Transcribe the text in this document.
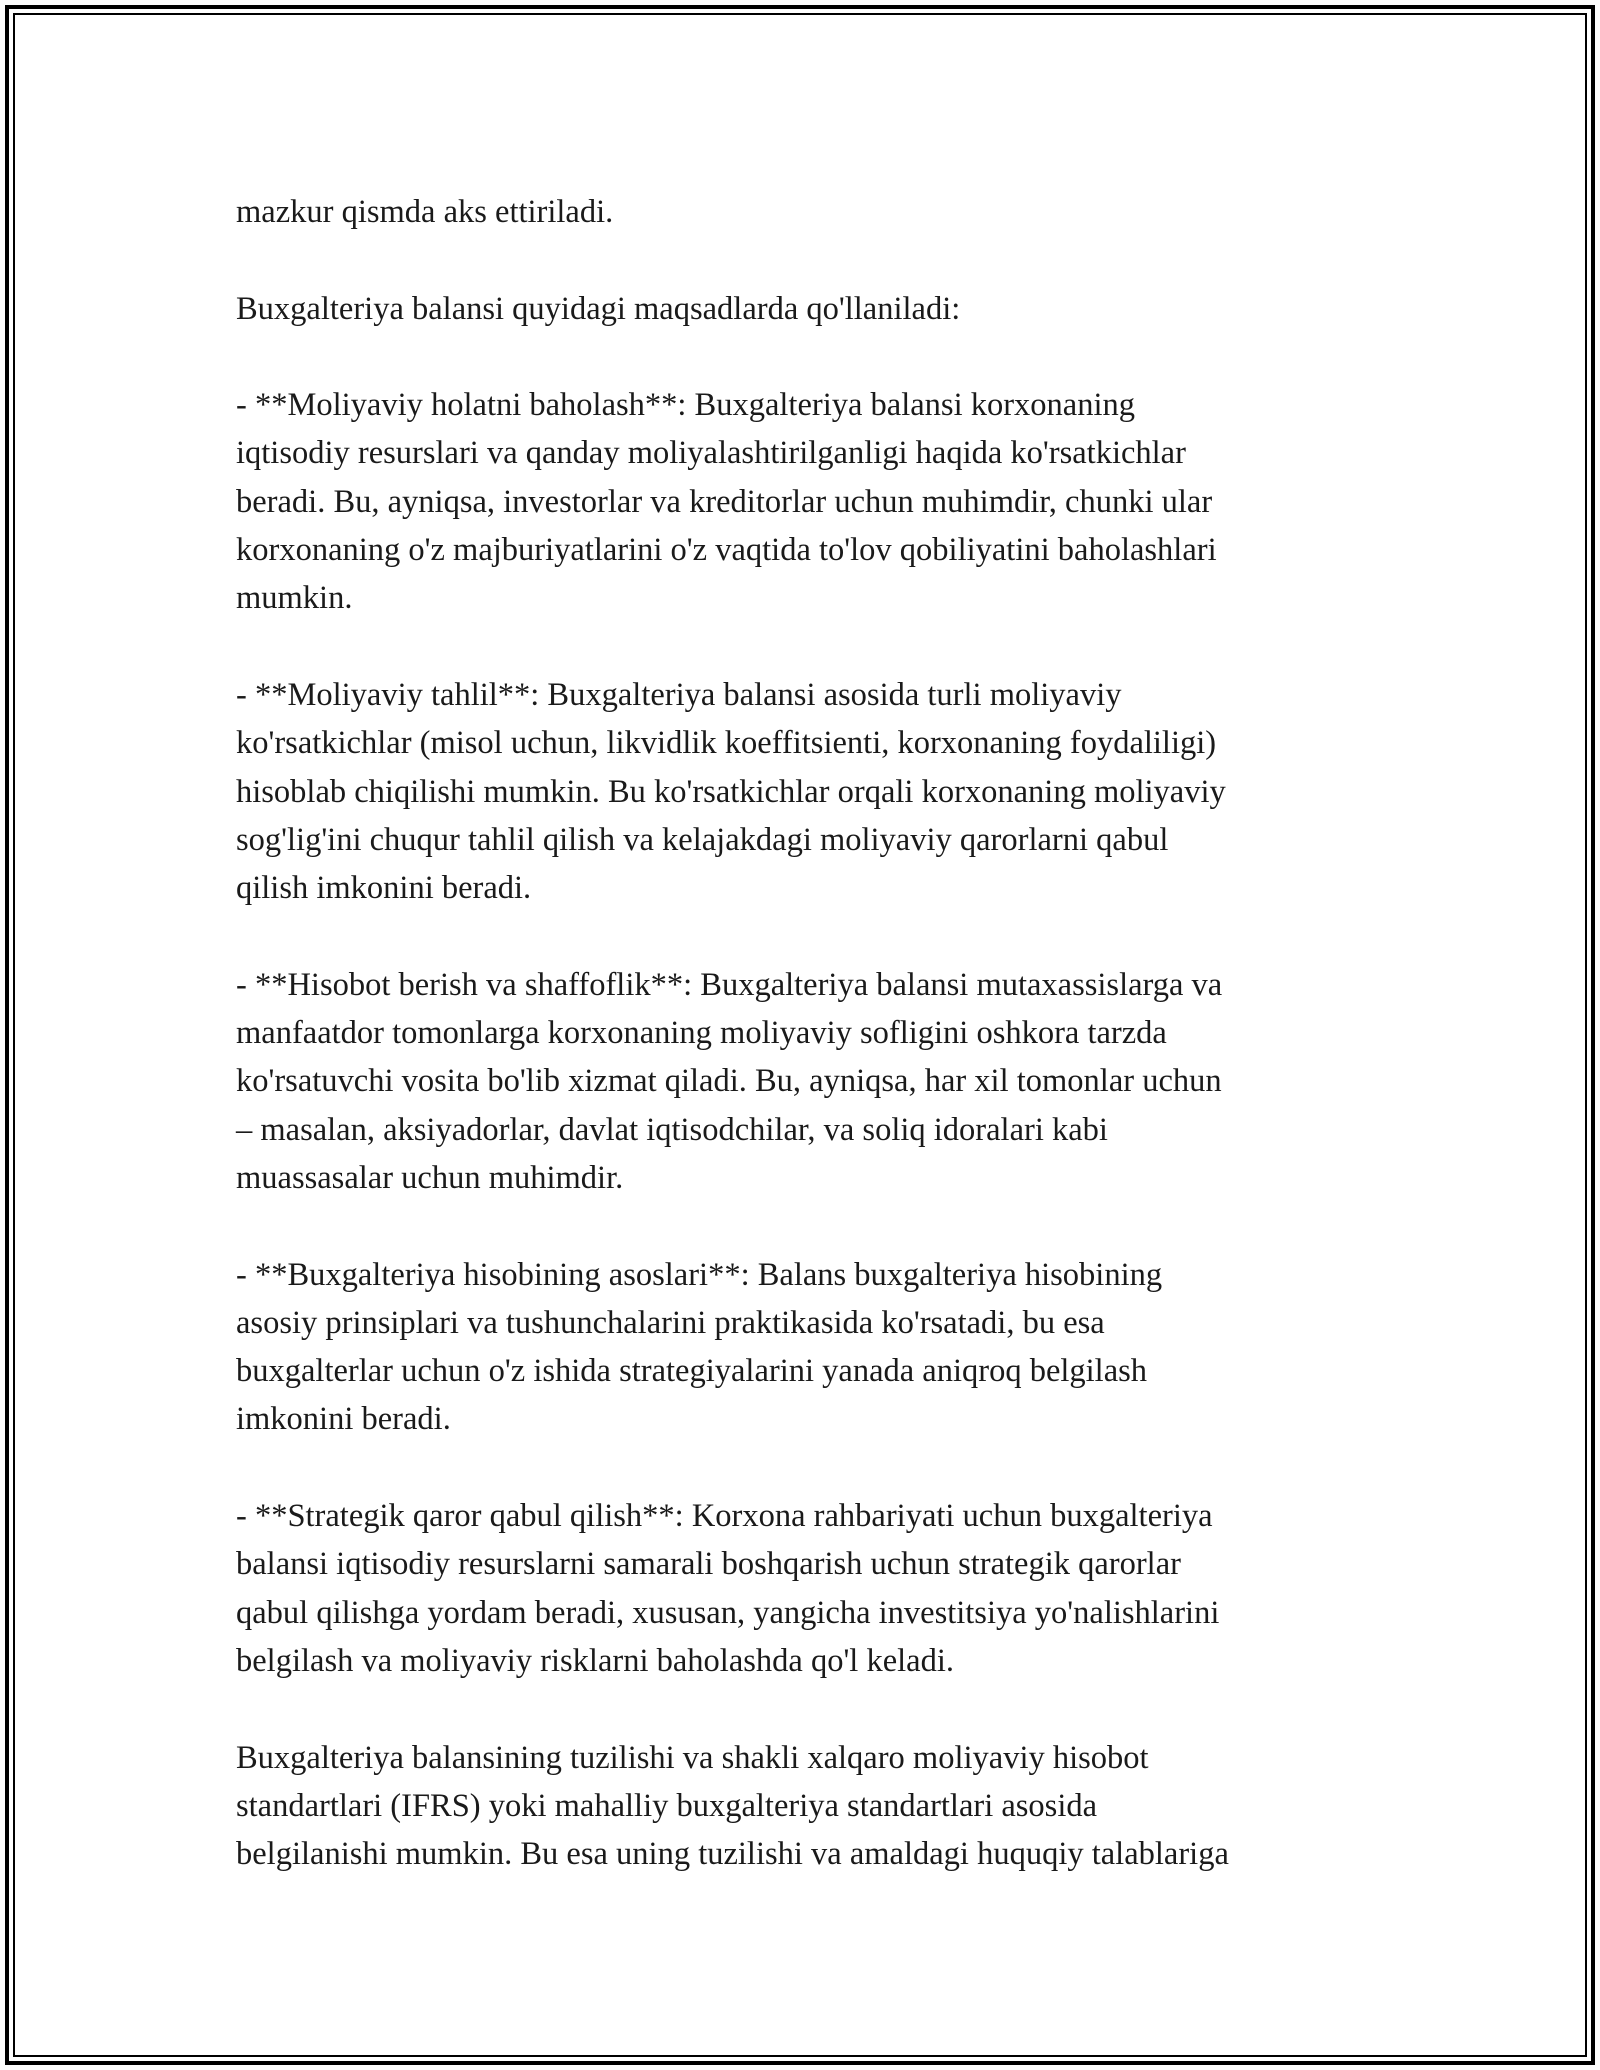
mazkur qismda aks ettiriladi.

Buxgalteriya balansi quyidagi maqsadlarda qo'llaniladi:

- **Moliyaviy holatni baholash**: Buxgalteriya balansi korxonaning
iqtisodiy resurslari va qanday moliyalashtirilganligi haqida ko'rsatkichlar
beradi. Bu, ayniqsa, investorlar va kreditorlar uchun muhimdir, chunki ular
korxonaning o'z majburiyatlarini o'z vaqtida to'lov qobiliyatini baholashlari
mumkin.

- **Moliyaviy tahlil**: Buxgalteriya balansi asosida turli moliyaviy
ko'rsatkichlar (misol uchun, likvidlik koeffitsienti, korxonaning foydaliligi)
hisoblab chiqilishi mumkin. Bu ko'rsatkichlar orqali korxonaning moliyaviy
sog'lig'ini chuqur tahlil qilish va kelajakdagi moliyaviy qarorlarni qabul
qilish imkonini beradi.

- **Hisobot berish va shaffoflik**: Buxgalteriya balansi mutaxassislarga va
manfaatdor tomonlarga korxonaning moliyaviy sofligini oshkora tarzda
ko'rsatuvchi vosita bo'lib xizmat qiladi. Bu, ayniqsa, har xil tomonlar uchun
– masalan, aksiyadorlar, davlat iqtisodchilar, va soliq idoralari kabi
muassasalar uchun muhimdir.

- **Buxgalteriya hisobining asoslari**: Balans buxgalteriya hisobining
asosiy prinsiplari va tushunchalarini praktikasida ko'rsatadi, bu esa
buxgalterlar uchun o'z ishida strategiyalarini yanada aniqroq belgilash
imkonini beradi.

- **Strategik qaror qabul qilish**: Korxona rahbariyati uchun buxgalteriya
balansi iqtisodiy resurslarni samarali boshqarish uchun strategik qarorlar
qabul qilishga yordam beradi, xususan, yangicha investitsiya yo'nalishlarini
belgilash va moliyaviy risklarni baholashda qo'l keladi.

Buxgalteriya balansining tuzilishi va shakli xalqaro moliyaviy hisobot
standartlari (IFRS) yoki mahalliy buxgalteriya standartlari asosida
belgilanishi mumkin. Bu esa uning tuzilishi va amaldagi huquqiy talablariga
